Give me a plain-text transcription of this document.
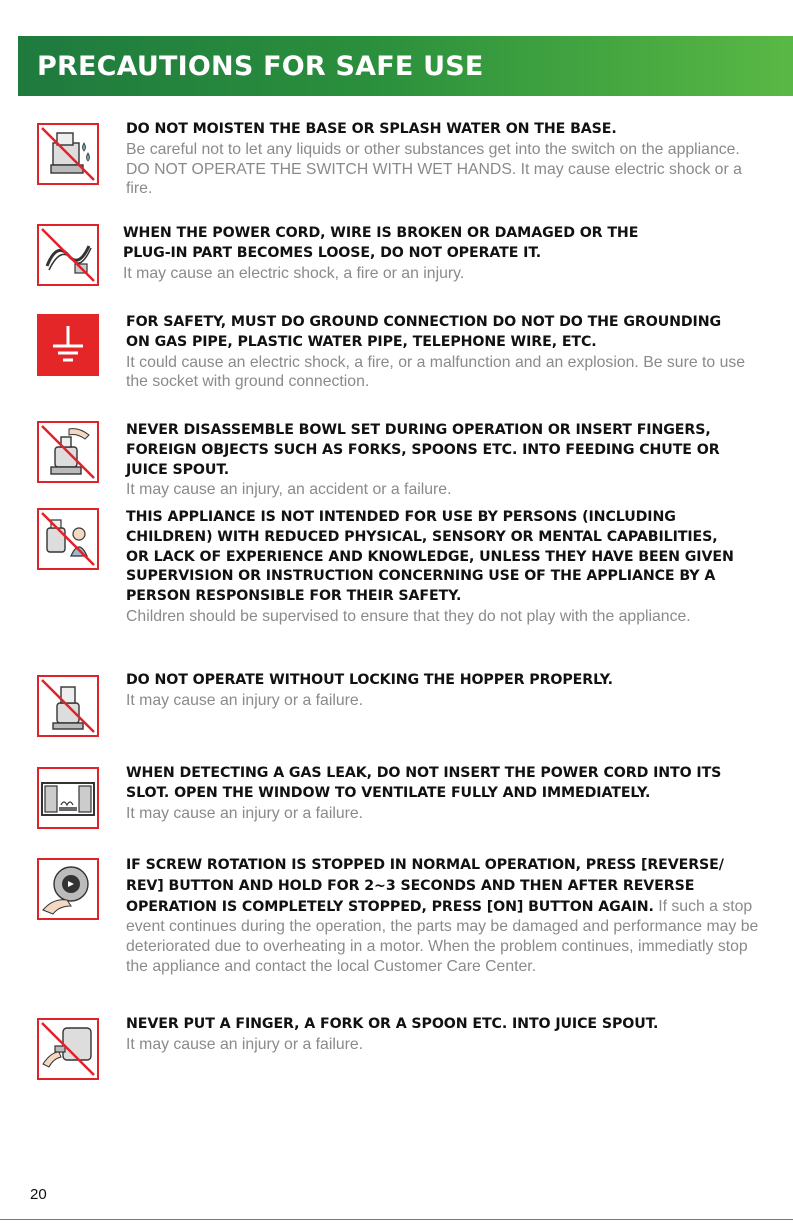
PRECAUTIONS FOR SAFE USE
DO NOT MOISTEN THE BASE OR SPLASH WATER ON THE BASE.
Be careful not to let any liquids or other substances get into the switch on the appliance. DO NOT OPERATE THE SWITCH WITH WET HANDS. It may cause electric shock or a fire.
WHEN THE POWER CORD, WIRE IS BROKEN OR DAMAGED OR THE
PLUG-IN PART BECOMES LOOSE, DO NOT OPERATE IT.
It may cause an electric shock, a fire or an injury.
FOR SAFETY, MUST DO GROUND CONNECTION DO NOT DO THE GROUNDING
ON GAS PIPE, PLASTIC WATER PIPE, TELEPHONE WIRE, ETC.
It could cause an electric shock, a fire, or a malfunction and an explosion. Be sure to use the socket with ground connection.
NEVER DISASSEMBLE BOWL SET DURING OPERATION OR INSERT FINGERS,
FOREIGN OBJECTS SUCH AS FORKS, SPOONS ETC. INTO FEEDING CHUTE OR
JUICE SPOUT.
It may cause an injury, an accident or a failure.
THIS APPLIANCE IS NOT INTENDED FOR USE BY PERSONS (INCLUDING
CHILDREN) WITH REDUCED PHYSICAL, SENSORY OR MENTAL CAPABILITIES,
OR LACK OF EXPERIENCE AND KNOWLEDGE, UNLESS THEY HAVE BEEN GIVEN
SUPERVISION OR INSTRUCTION CONCERNING USE OF THE APPLIANCE BY A
PERSON RESPONSIBLE FOR THEIR SAFETY.
Children should be supervised to ensure that they do not play with the appliance.
DO NOT OPERATE WITHOUT LOCKING THE HOPPER PROPERLY.
It may cause an injury or a failure.
WHEN DETECTING A GAS LEAK, DO NOT INSERT THE POWER CORD INTO ITS
SLOT. OPEN THE WINDOW TO VENTILATE FULLY AND IMMEDIATELY.
It may cause an injury or a failure.
IF SCREW ROTATION IS STOPPED IN NORMAL OPERATION, PRESS [REVERSE/
REV] BUTTON AND HOLD FOR 2~3 SECONDS AND THEN AFTER REVERSE
OPERATION IS COMPLETELY STOPPED, PRESS [ON] BUTTON AGAIN. If such a stop event continues during the operation, the parts may be damaged and performance may be deteriorated due to overheating in a motor. When the problem continues, immediatly stop the appliance and contact the local Customer Care Center.
NEVER PUT A FINGER, A FORK OR A SPOON ETC. INTO JUICE SPOUT.
It may cause an injury or a failure.
20
